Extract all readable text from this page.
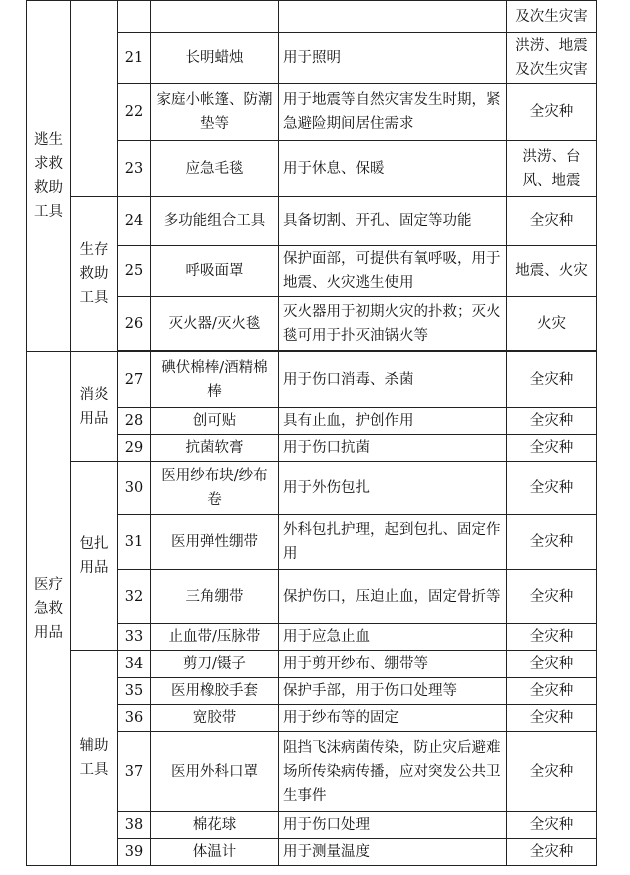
逃生求救救助工具					及次生灾害
		21	长明蜡烛	用于照明	洪涝、地震及次生灾害
		22	家庭小帐篷、防潮垫等	用于地震等自然灾害发生时期，紧急避险期间居住需求	全灾种
		23	应急毛毯	用于休息、保暖	洪涝、台风、地震
	生存救助工具	24	多功能组合工具	具备切割、开孔、固定等功能	全灾种
		25	呼吸面罩	保护面部，可提供有氧呼吸，用于地震、火灾逃生使用	地震、火灾
		26	灭火器/灭火毯	灭火器用于初期火灾的扑救；灭火毯可用于扑灭油锅火等	火灾

医疗急救用品	消炎用品	27	碘伏棉棒/酒精棉棒	用于伤口消毒、杀菌	全灾种
		28	创可贴	具有止血，护创作用	全灾种
		29	抗菌软膏	用于伤口抗菌	全灾种
	包扎用品	30	医用纱布块/纱布卷	用于外伤包扎	全灾种
		31	医用弹性绷带	外科包扎护理，起到包扎、固定作用	全灾种
		32	三角绷带	保护伤口，压迫止血，固定骨折等	全灾种
		33	止血带/压脉带	用于应急止血	全灾种
	辅助工具	34	剪刀/镊子	用于剪开纱布、绷带等	全灾种
		35	医用橡胶手套	保护手部，用于伤口处理等	全灾种
		36	宽胶带	用于纱布等的固定	全灾种
		37	医用外科口罩	阻挡飞沫病菌传染，防止灾后避难场所传染病传播，应对突发公共卫生事件	全灾种
		38	棉花球	用于伤口处理	全灾种
		39	体温计	用于测量温度	全灾种
